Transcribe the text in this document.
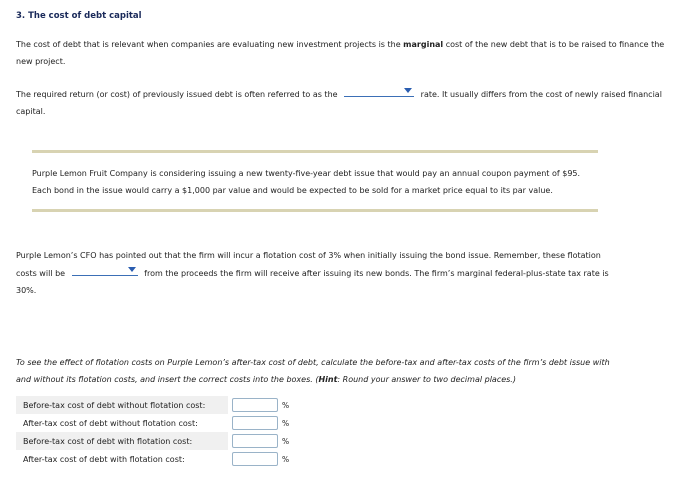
3. The cost of debt capital
The cost of debt that is relevant when companies are evaluating new investment projects is the marginal cost of the new debt that is to be raised to finance the new project.
The required return (or cost) of previously issued debt is often referred to as the	rate. It usually differs from the cost of newly raised financial capital.
Purple Lemon Fruit Company is considering issuing a new twenty-five-year debt issue that would pay an annual coupon payment of $95.
Each bond in the issue would carry a $1,000 par value and would be expected to be sold for a market price equal to its par value.
Purple Lemon’s CFO has pointed out that the firm will incur a flotation cost of 3% when initially issuing the bond issue. Remember, these flotation
costs will be	from the proceeds the firm will receive after issuing its new bonds. The firm’s marginal federal-plus-state tax rate is
30%.
To see the effect of flotation costs on Purple Lemon’s after-tax cost of debt, calculate the before-tax and after-tax costs of the firm’s debt issue with
and without its flotation costs, and insert the correct costs into the boxes. (Hint: Round your answer to two decimal places.)
Before-tax cost of debt without flotation cost:		%
After-tax cost of debt without flotation cost:		%
Before-tax cost of debt with flotation cost:		%
After-tax cost of debt with flotation cost:		%
